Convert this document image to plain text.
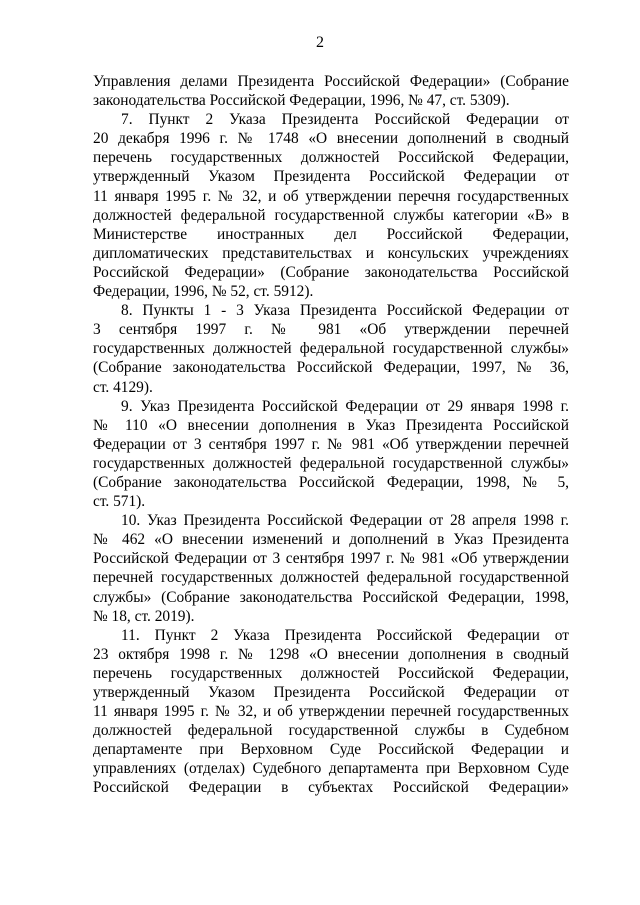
2

Управления делами Президента Российской Федерации» (Собрание
законодательства Российской Федерации, 1996, № 47, ст. 5309).

7. Пункт 2 Указа Президента Российской Федерации от
20 декабря 1996 г. № 1748 «О внесении дополнений в сводный
перечень государственных должностей Российской Федерации,
утвержденный Указом Президента Российской Федерации от
11 января 1995 г. № 32, и об утверждении перечня государственных
должностей федеральной государственной службы категории «В» в
Министерстве иностранных дел Российской Федерации,
дипломатических представительствах и консульских учреждениях
Российской Федерации» (Собрание законодательства Российской
Федерации, 1996, № 52, ст. 5912).

8. Пункты 1 - 3 Указа Президента Российской Федерации от
3 сентября 1997 г. № 981 «Об утверждении перечней
государственных должностей федеральной государственной службы»
(Собрание законодательства Российской Федерации, 1997, № 36,
ст. 4129).

9. Указ Президента Российской Федерации от 29 января 1998 г.
№ 110 «О внесении дополнения в Указ Президента Российской
Федерации от 3 сентября 1997 г. № 981 «Об утверждении перечней
государственных должностей федеральной государственной службы»
(Собрание законодательства Российской Федерации, 1998, № 5,
ст. 571).

10. Указ Президента Российской Федерации от 28 апреля 1998 г.
№ 462 «О внесении изменений и дополнений в Указ Президента
Российской Федерации от 3 сентября 1997 г. № 981 «Об утверждении
перечней государственных должностей федеральной государственной
службы» (Собрание законодательства Российской Федерации, 1998,
№ 18, ст. 2019).

11. Пункт 2 Указа Президента Российской Федерации от
23 октября 1998 г. № 1298 «О внесении дополнения в сводный
перечень государственных должностей Российской Федерации,
утвержденный Указом Президента Российской Федерации от
11 января 1995 г. № 32, и об утверждении перечней государственных
должностей федеральной государственной службы в Судебном
департаменте при Верховном Суде Российской Федерации и
управлениях (отделах) Судебного департамента при Верховном Суде
Российской Федерации в субъектах Российской Федерации»
